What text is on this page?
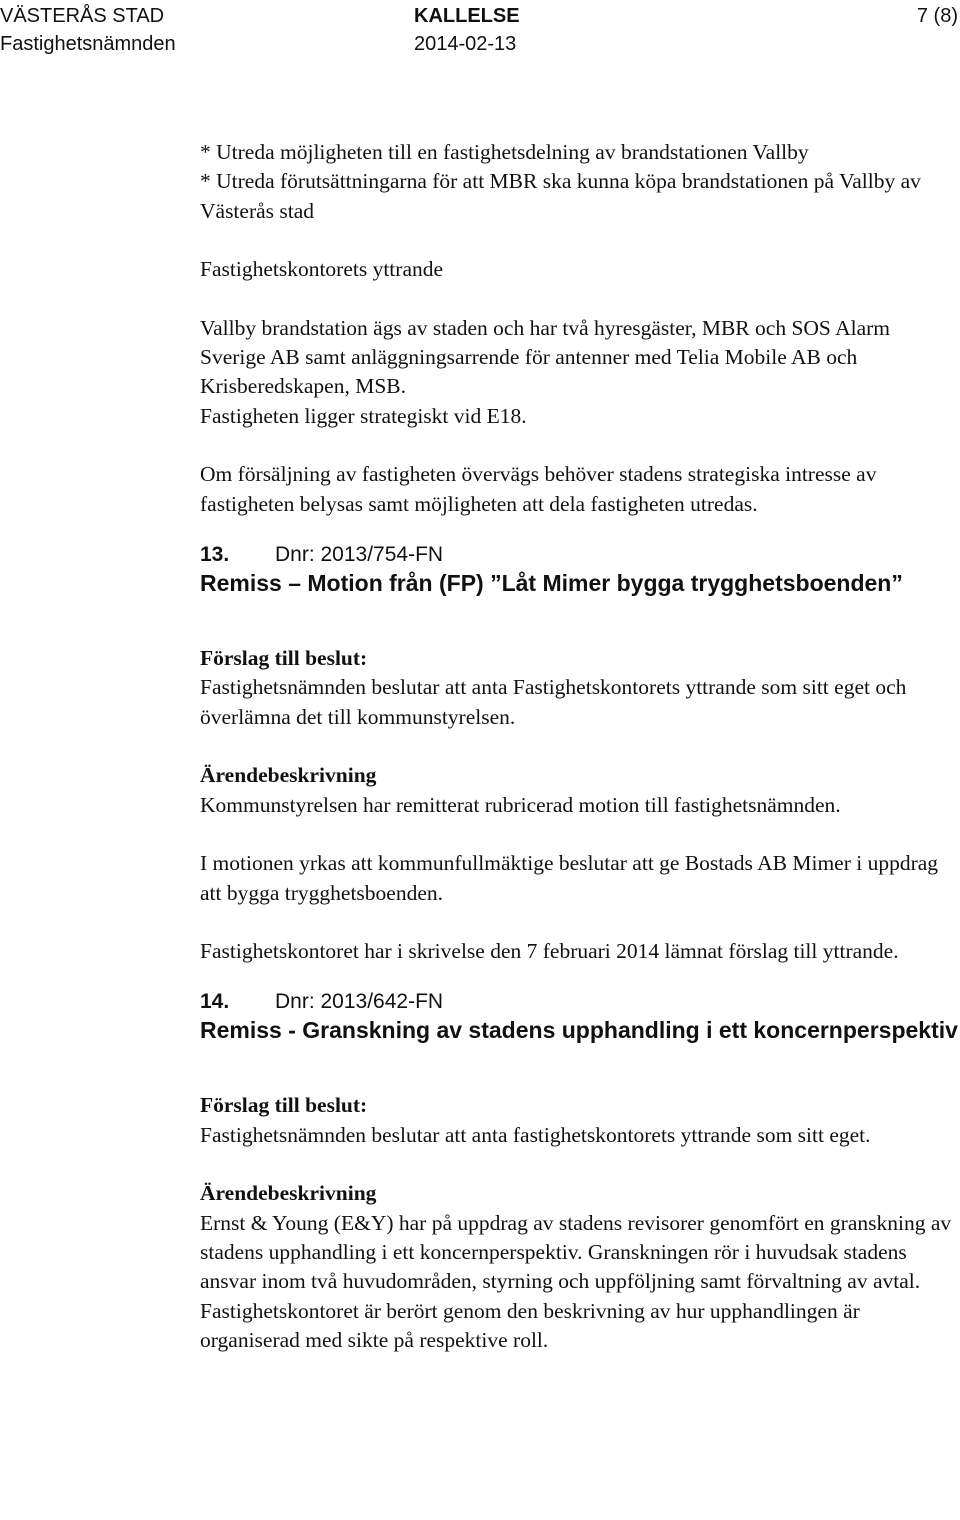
VÄSTERÅS STAD
Fastighetsnämnden
KALLELSE
2014-02-13
7 (8)

* Utreda möjligheten till en fastighetsdelning av brandstationen Vallby

* Utreda förutsättningarna för att MBR ska kunna köpa brandstationen på Vallby av Västerås stad

Fastighetskontorets yttrande

Vallby brandstation ägs av staden och har två hyresgäster, MBR och SOS Alarm Sverige AB samt anläggningsarrende för antenner med Telia Mobile AB och Krisberedskapen, MSB.

Fastigheten ligger strategiskt vid E18.

Om försäljning av fastigheten övervägs behöver stadens strategiska intresse av fastigheten belysas samt möjligheten att dela fastigheten utredas.

13. Dnr: 2013/754-FN
Remiss – Motion från (FP) ”Låt Mimer bygga trygghetsboenden”

Förslag till beslut:

Fastighetsnämnden beslutar att anta Fastighetskontorets yttrande som sitt eget och överlämna det till kommunstyrelsen.

Ärendebeskrivning

Kommunstyrelsen har remitterat rubricerad motion till fastighetsnämnden.

I motionen yrkas att kommunfullmäktige beslutar att ge Bostads AB Mimer i uppdrag att bygga trygghetsboenden.

Fastighetskontoret har i skrivelse den 7 februari 2014 lämnat förslag till yttrande.

14. Dnr: 2013/642-FN
Remiss - Granskning av stadens upphandling i ett koncernperspektiv

Förslag till beslut:

Fastighetsnämnden beslutar att anta fastighetskontorets yttrande som sitt eget.

Ärendebeskrivning

Ernst & Young (E&Y) har på uppdrag av stadens revisorer genomfört en granskning av stadens upphandling i ett koncernperspektiv. Granskningen rör i huvudsak stadens ansvar inom två huvudområden, styrning och uppföljning samt förvaltning av avtal. Fastighetskontoret är berört genom den beskrivning av hur upphandlingen är organiserad med sikte på respektive roll.
